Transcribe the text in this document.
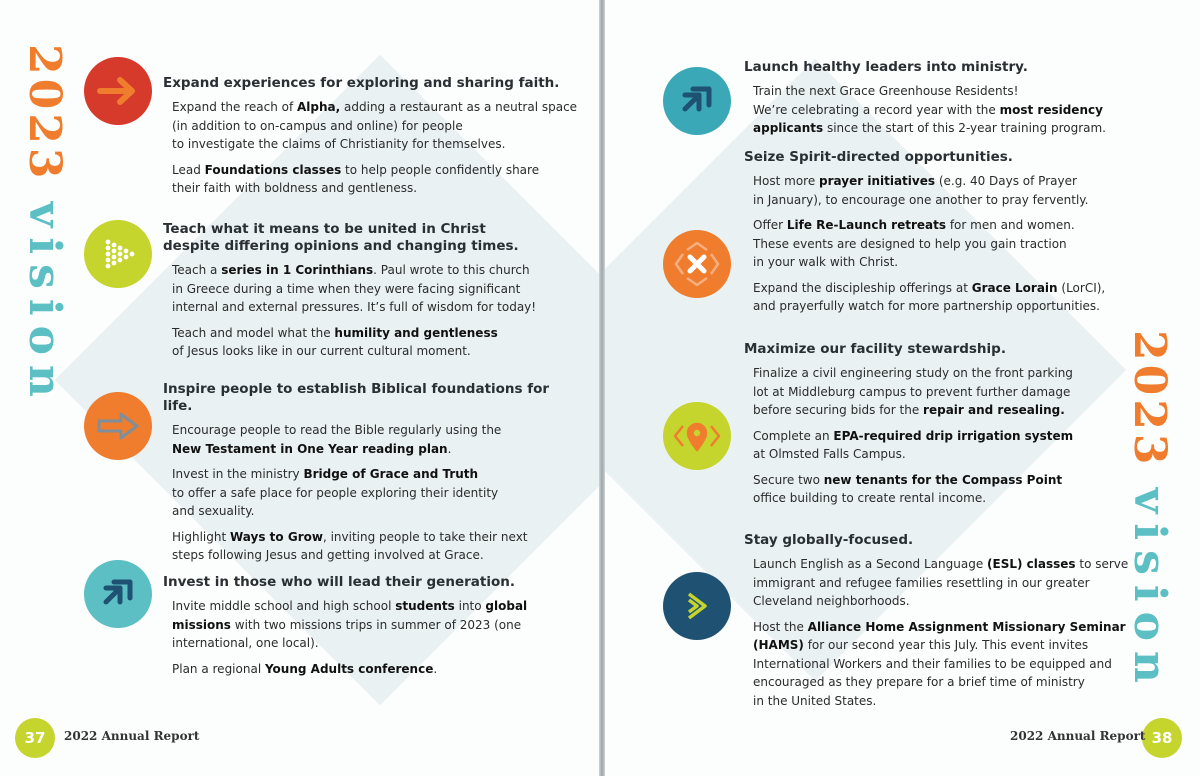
2023 vision
Expand experiences for exploring and sharing faith.

Expand the reach of Alpha, adding a restaurant as a neutral space
(in addition to on-campus and online) for people
to investigate the claims of Christianity for themselves.

Lead Foundations classes to help people confidently share
their faith with boldness and gentleness.

Teach what it means to be united in Christ
despite differing opinions and changing times.

Teach a series in 1 Corinthians. Paul wrote to this church
in Greece during a time when they were facing significant
internal and external pressures. It’s full of wisdom for today!

Teach and model what the humility and gentleness
of Jesus looks like in our current cultural moment.

Inspire people to establish Biblical foundations for life.

Encourage people to read the Bible regularly using the
New Testament in One Year reading plan.

Invest in the ministry Bridge of Grace and Truth
to offer a safe place for people exploring their identity
and sexuality.

Highlight Ways to Grow, inviting people to take their next
steps following Jesus and getting involved at Grace.

Invest in those who will lead their generation.

Invite middle school and high school students into global
missions with two missions trips in summer of 2023 (one
international, one local).

Plan a regional Young Adults conference.

37	2022 Annual Report
2023 vision
Launch healthy leaders into ministry.

Train the next Grace Greenhouse Residents!
We’re celebrating a record year with the most residency
applicants since the start of this 2-year training program.

Seize Spirit-directed opportunities.

Host more prayer initiatives (e.g. 40 Days of Prayer
in January), to encourage one another to pray fervently.

Offer Life Re-Launch retreats for men and women.
These events are designed to help you gain traction
in your walk with Christ.

Expand the discipleship offerings at Grace Lorain (LorCI),
and prayerfully watch for more partnership opportunities.

Maximize our facility stewardship.

Finalize a civil engineering study on the front parking
lot at Middleburg campus to prevent further damage
before securing bids for the repair and resealing.

Complete an EPA-required drip irrigation system
at Olmsted Falls Campus.

Secure two new tenants for the Compass Point
office building to create rental income.

Stay globally-focused.

Launch English as a Second Language (ESL) classes to serve
immigrant and refugee families resettling in our greater
Cleveland neighborhoods.

Host the Alliance Home Assignment Missionary Seminar
(HAMS) for our second year this July. This event invites
International Workers and their families to be equipped and
encouraged as they prepare for a brief time of ministry
in the United States.

38
2022 Annual Report
